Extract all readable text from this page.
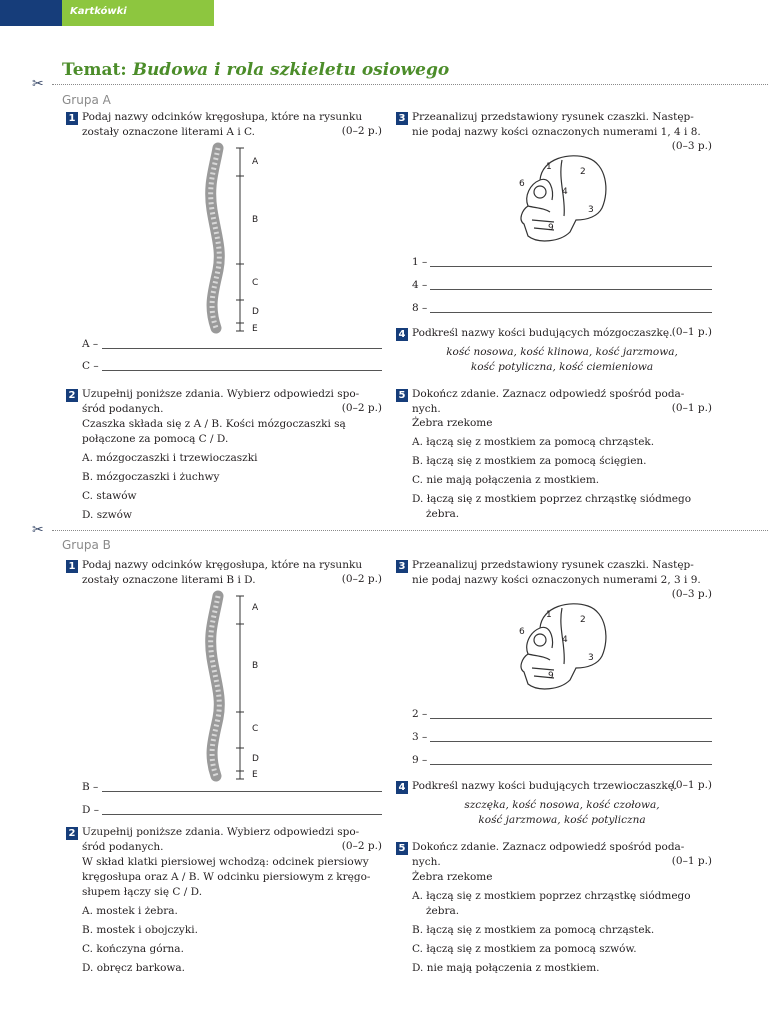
Kartkówki
✂
Temat: Budowa i rola szkieletu osiowego
Grupa A
1 Podaj nazwy odcinków kręgosłupa, które na rysunku
zostały oznaczone literami A i C.	(0–2 p.)
A
B
C
D
E
A –
C –
2 Uzupełnij poniższe zdania. Wybierz odpowiedzi spo-
śród podanych.	(0–2 p.)
Czaszka składa się z A / B. Kości mózgoczaszki są
połączone za pomocą C / D.
A. mózgoczaszki i trzewioczaszki
B. mózgoczaszki i żuchwy
C. stawów
D. szwów
3 Przeanalizuj przedstawiony rysunek czaszki. Następ-
nie podaj nazwy kości oznaczonych numerami 1, 4 i 8.
(0–3 p.)
1	2
6
4
3
9
1 –
4 –
8 –
4 Podkreśl nazwy kości budujących mózgoczaszkę. (0–1 p.)
kość nosowa, kość klinowa, kość jarzmowa,
kość potyliczna, kość ciemieniowa
5 Dokończ zdanie. Zaznacz odpowiedź spośród poda-
nych.	(0–1 p.)
Żebra rzekome
A. łączą się z mostkiem za pomocą chrząstek.
B. łączą się z mostkiem za pomocą ścięgien.
C. nie mają połączenia z mostkiem.
D. łączą się z mostkiem poprzez chrząstkę siódmego
żebra.
✂
Grupa B
1 Podaj nazwy odcinków kręgosłupa, które na rysunku
zostały oznaczone literami B i D.	(0–2 p.)
A
B
C
D
E
B –
D –
2 Uzupełnij poniższe zdania. Wybierz odpowiedzi spo-
śród podanych.	(0–2 p.)
W skład klatki piersiowej wchodzą: odcinek piersiowy
kręgosłupa oraz A / B. W odcinku piersiowym z kręgo-
słupem łączy się C / D.
A. mostek i żebra.
B. mostek i obojczyki.
C. kończyna górna.
D. obręcz barkowa.
3 Przeanalizuj przedstawiony rysunek czaszki. Następ-
nie podaj nazwy kości oznaczonych numerami 2, 3 i 9.
(0–3 p.)
1	2
6
4
3
9
2 –
3 –
9 –
4 Podkreśl nazwy kości budujących trzewioczaszkę.
(0–1 p.)
szczęka, kość nosowa, kość czołowa,
kość jarzmowa, kość potyliczna
5 Dokończ zdanie. Zaznacz odpowiedź spośród poda-
nych.	(0–1 p.)
Żebra rzekome
A. łączą się z mostkiem poprzez chrząstkę siódmego
żebra.
B. łączą się z mostkiem za pomocą chrząstek.
C. łączą się z mostkiem za pomocą szwów.
D. nie mają połączenia z mostkiem.
